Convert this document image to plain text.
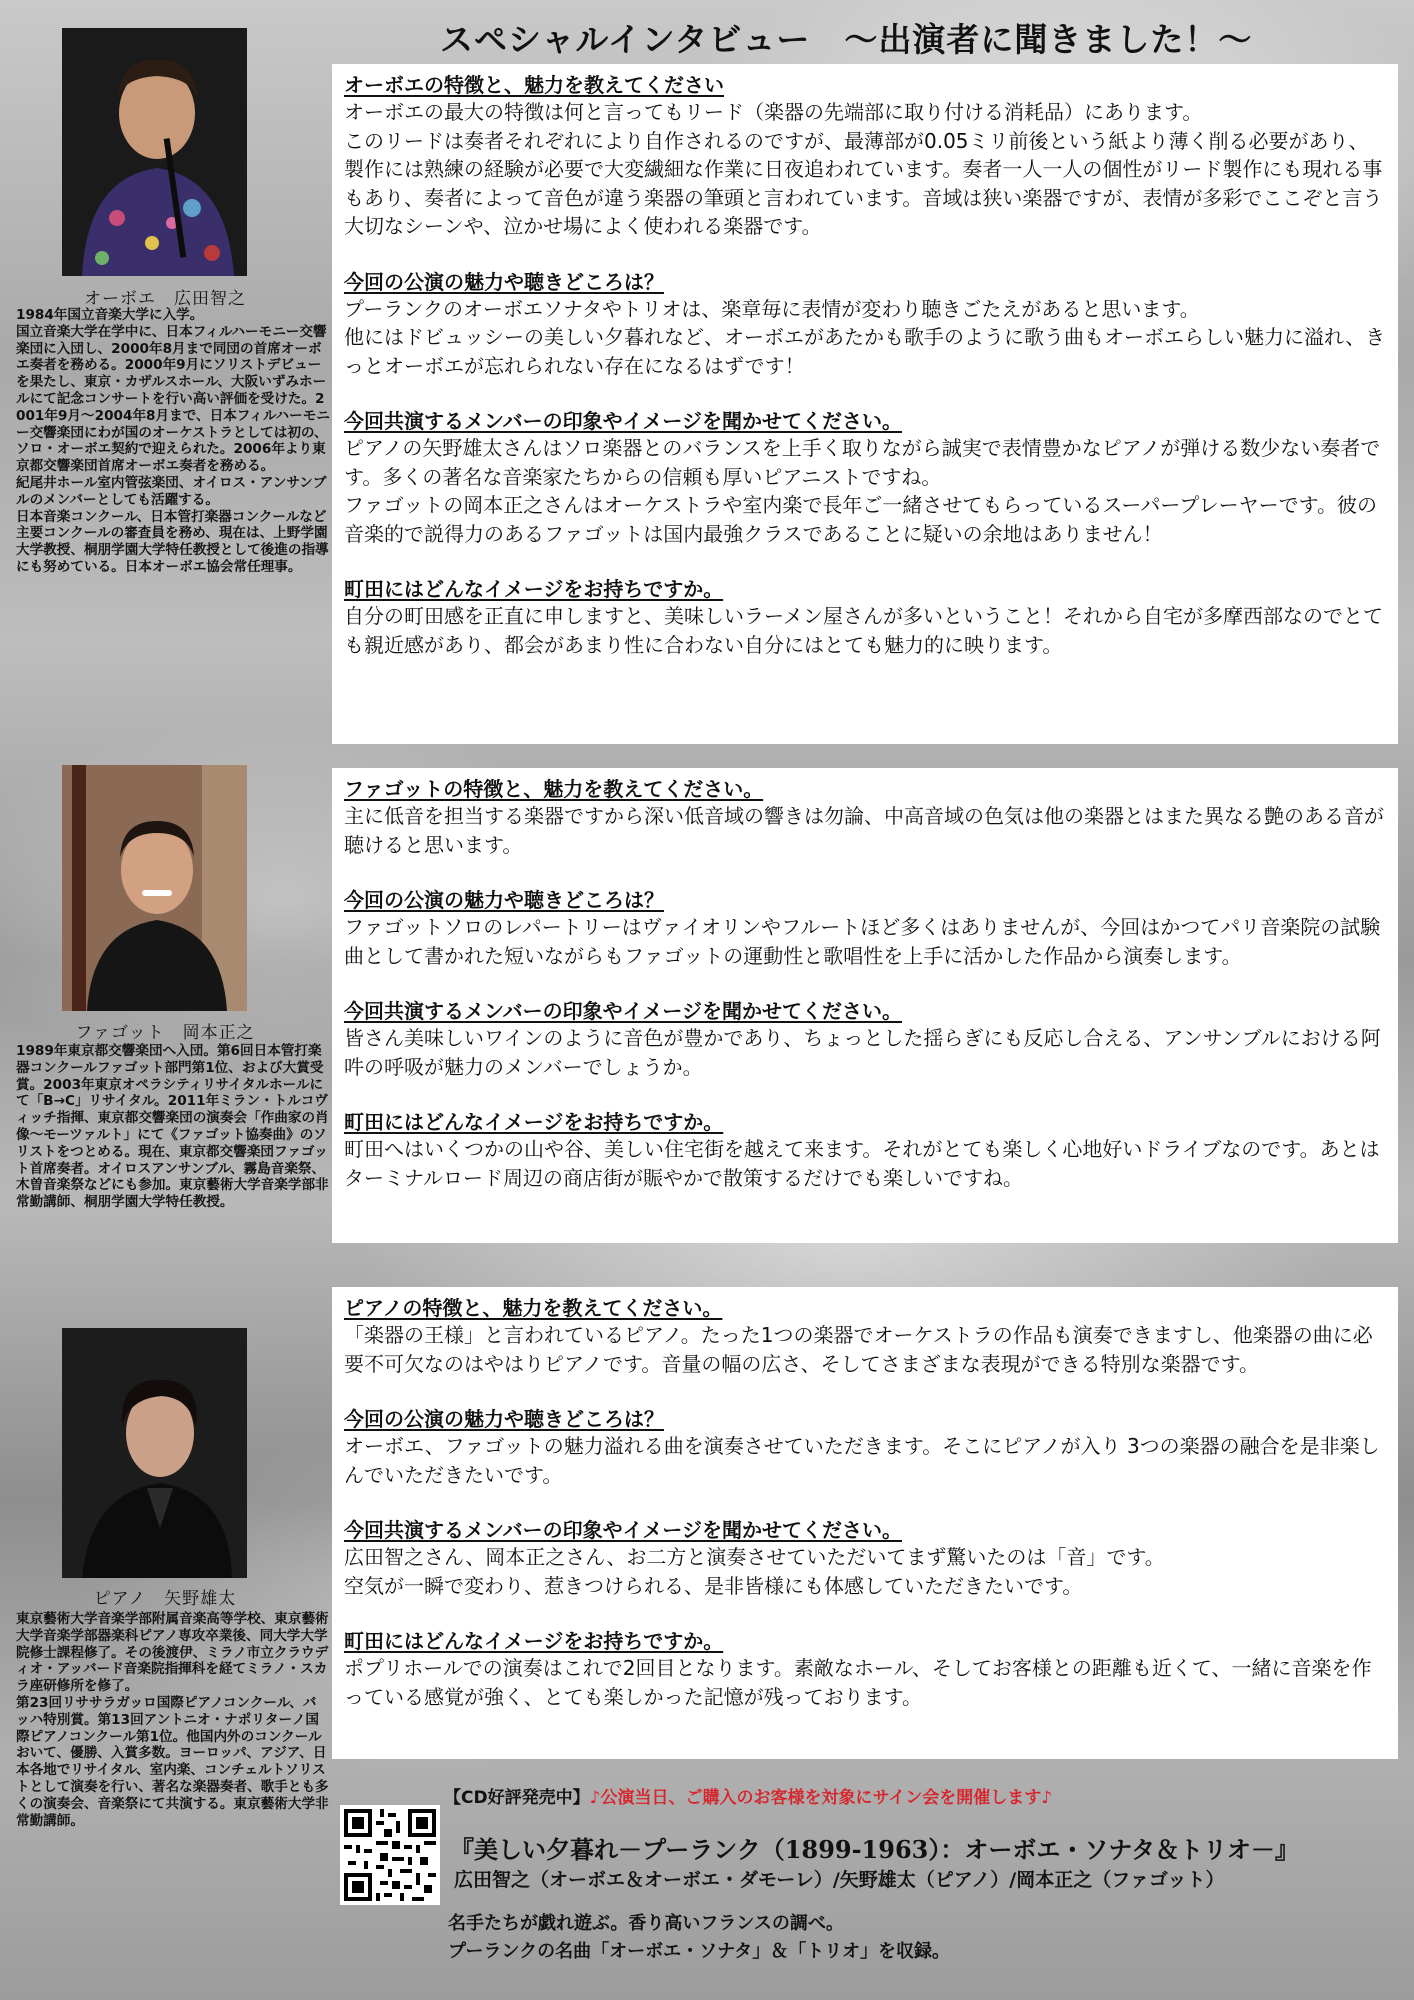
スペシャルインタビュー　～出演者に聞きました！～
オーボエ　広田智之
1984年国立音楽大学に入学。
国立音楽大学在学中に、日本フィルハーモニー交響楽団に入団し、2000年8月まで同団の首席オーボエ奏者を務める。2000年9月にソリストデビューを果たし、東京・カザルスホール、大阪いずみホールにて記念コンサートを行い高い評価を受けた。2001年9月～2004年8月まで、日本フィルハーモニー交響楽団にわが国のオーケストラとしては初の、ソロ・オーボエ契約で迎えられた。2006年より東京都交響楽団首席オーボエ奏者を務める。
紀尾井ホール室内管弦楽団、オイロス・アンサンブルのメンバーとしても活躍する。
日本音楽コンクール、日本管打楽器コンクールなど主要コンクールの審査員を務め、現在は、上野学園大学教授、桐朋学園大学特任教授として後進の指導にも努めている。日本オーボエ協会常任理事。
ファゴット　岡本正之
1989年東京都交響楽団へ入団。第6回日本管打楽器コンクールファゴット部門第1位、および大賞受賞。2003年東京オペラシティリサイタルホールにて「B→C」リサイタル。2011年ミラン・トルコヴィッチ指揮、東京都交響楽団の演奏会「作曲家の肖像～モーツァルト」にて《ファゴット協奏曲》のソリストをつとめる。現在、東京都交響楽団ファゴット首席奏者。オイロスアンサンブル、霧島音楽祭、木曽音楽祭などにも参加。東京藝術大学音楽学部非常勤講師、桐朋学園大学特任教授。
ピアノ　矢野雄太
東京藝術大学音楽学部附属音楽高等学校、東京藝術大学音楽学部器楽科ピアノ専攻卒業後、同大学大学院修士課程修了。その後渡伊、ミラノ市立クラウディオ・アッバード音楽院指揮科を経てミラノ・スカラ座研修所を修了。
第23回リササラガッロ国際ピアノコンクール、バッハ特別賞。第13回アントニオ・ナポリターノ国際ピアノコンクール第1位。他国内外のコンクールおいて、優勝、入賞多数。ヨーロッパ、アジア、日本各地でリサイタル、室内楽、コンチェルトソリストとして演奏を行い、著名な楽器奏者、歌手とも多くの演奏会、音楽祭にて共演する。東京藝術大学非常勤講師。
オーボエの特徴と、魅力を教えてください
オーボエの最大の特徴は何と言ってもリード（楽器の先端部に取り付ける消耗品）にあります。
このリードは奏者それぞれにより自作されるのですが、最薄部が0.05ミリ前後という紙より薄く削る必要があり、製作には熟練の経験が必要で大変繊細な作業に日夜追われています。奏者一人一人の個性がリード製作にも現れる事もあり、奏者によって音色が違う楽器の筆頭と言われています。音域は狭い楽器ですが、表情が多彩でここぞと言う大切なシーンや、泣かせ場によく使われる楽器です。
今回の公演の魅力や聴きどころは？
プーランクのオーボエソナタやトリオは、楽章毎に表情が変わり聴きごたえがあると思います。
他にはドビュッシーの美しい夕暮れなど、オーボエがあたかも歌手のように歌う曲もオーボエらしい魅力に溢れ、きっとオーボエが忘れられない存在になるはずです！
今回共演するメンバーの印象やイメージを聞かせてください。
ピアノの矢野雄太さんはソロ楽器とのバランスを上手く取りながら誠実で表情豊かなピアノが弾ける数少ない奏者です。多くの著名な音楽家たちからの信頼も厚いピアニストですね。
ファゴットの岡本正之さんはオーケストラや室内楽で長年ご一緒させてもらっているスーパープレーヤーです。彼の音楽的で説得力のあるファゴットは国内最強クラスであることに疑いの余地はありません！
町田にはどんなイメージをお持ちですか。
自分の町田感を正直に申しますと、美味しいラーメン屋さんが多いということ！それから自宅が多摩西部なのでとても親近感があり、都会があまり性に合わない自分にはとても魅力的に映ります。
ファゴットの特徴と、魅力を教えてください。
主に低音を担当する楽器ですから深い低音域の響きは勿論、中高音域の色気は他の楽器とはまた異なる艶のある音が聴けると思います。
今回の公演の魅力や聴きどころは？
ファゴットソロのレパートリーはヴァイオリンやフルートほど多くはありませんが、今回はかつてパリ音楽院の試験曲として書かれた短いながらもファゴットの運動性と歌唱性を上手に活かした作品から演奏します。
今回共演するメンバーの印象やイメージを聞かせてください。
皆さん美味しいワインのように音色が豊かであり、ちょっとした揺らぎにも反応し合える、アンサンブルにおける阿吽の呼吸が魅力のメンバーでしょうか。
町田にはどんなイメージをお持ちですか。
町田へはいくつかの山や谷、美しい住宅街を越えて来ます。それがとても楽しく心地好いドライブなのです。あとはターミナルロード周辺の商店街が賑やかで散策するだけでも楽しいですね。
ピアノの特徴と、魅力を教えてください。
「楽器の王様」と言われているピアノ。たった1つの楽器でオーケストラの作品も演奏できますし、他楽器の曲に必要不可欠なのはやはりピアノです。音量の幅の広さ、そしてさまざまな表現ができる特別な楽器です。
今回の公演の魅力や聴きどころは？
オーボエ、ファゴットの魅力溢れる曲を演奏させていただきます。そこにピアノが入り 3つの楽器の融合を是非楽しんでいただきたいです。
今回共演するメンバーの印象やイメージを聞かせてください。
広田智之さん、岡本正之さん、お二方と演奏させていただいてまず驚いたのは「音」です。
空気が一瞬で変わり、惹きつけられる、是非皆様にも体感していただきたいです。
町田にはどんなイメージをお持ちですか。
ポプリホールでの演奏はこれで2回目となります。素敵なホール、そしてお客様との距離も近くて、一緒に音楽を作っている感覚が強く、とても楽しかった記憶が残っております。
【CD好評発売中】♪公演当日、ご購入のお客様を対象にサイン会を開催します♪
『美しい夕暮れ－プーランク（1899-1963）：オーボエ・ソナタ＆トリオ－』
広田智之（オーボエ＆オーボエ・ダモーレ）/矢野雄太（ピアノ）/岡本正之（ファゴット）
名手たちが戯れ遊ぶ。香り高いフランスの調べ。
プーランクの名曲「オーボエ・ソナタ」＆「トリオ」を収録。
